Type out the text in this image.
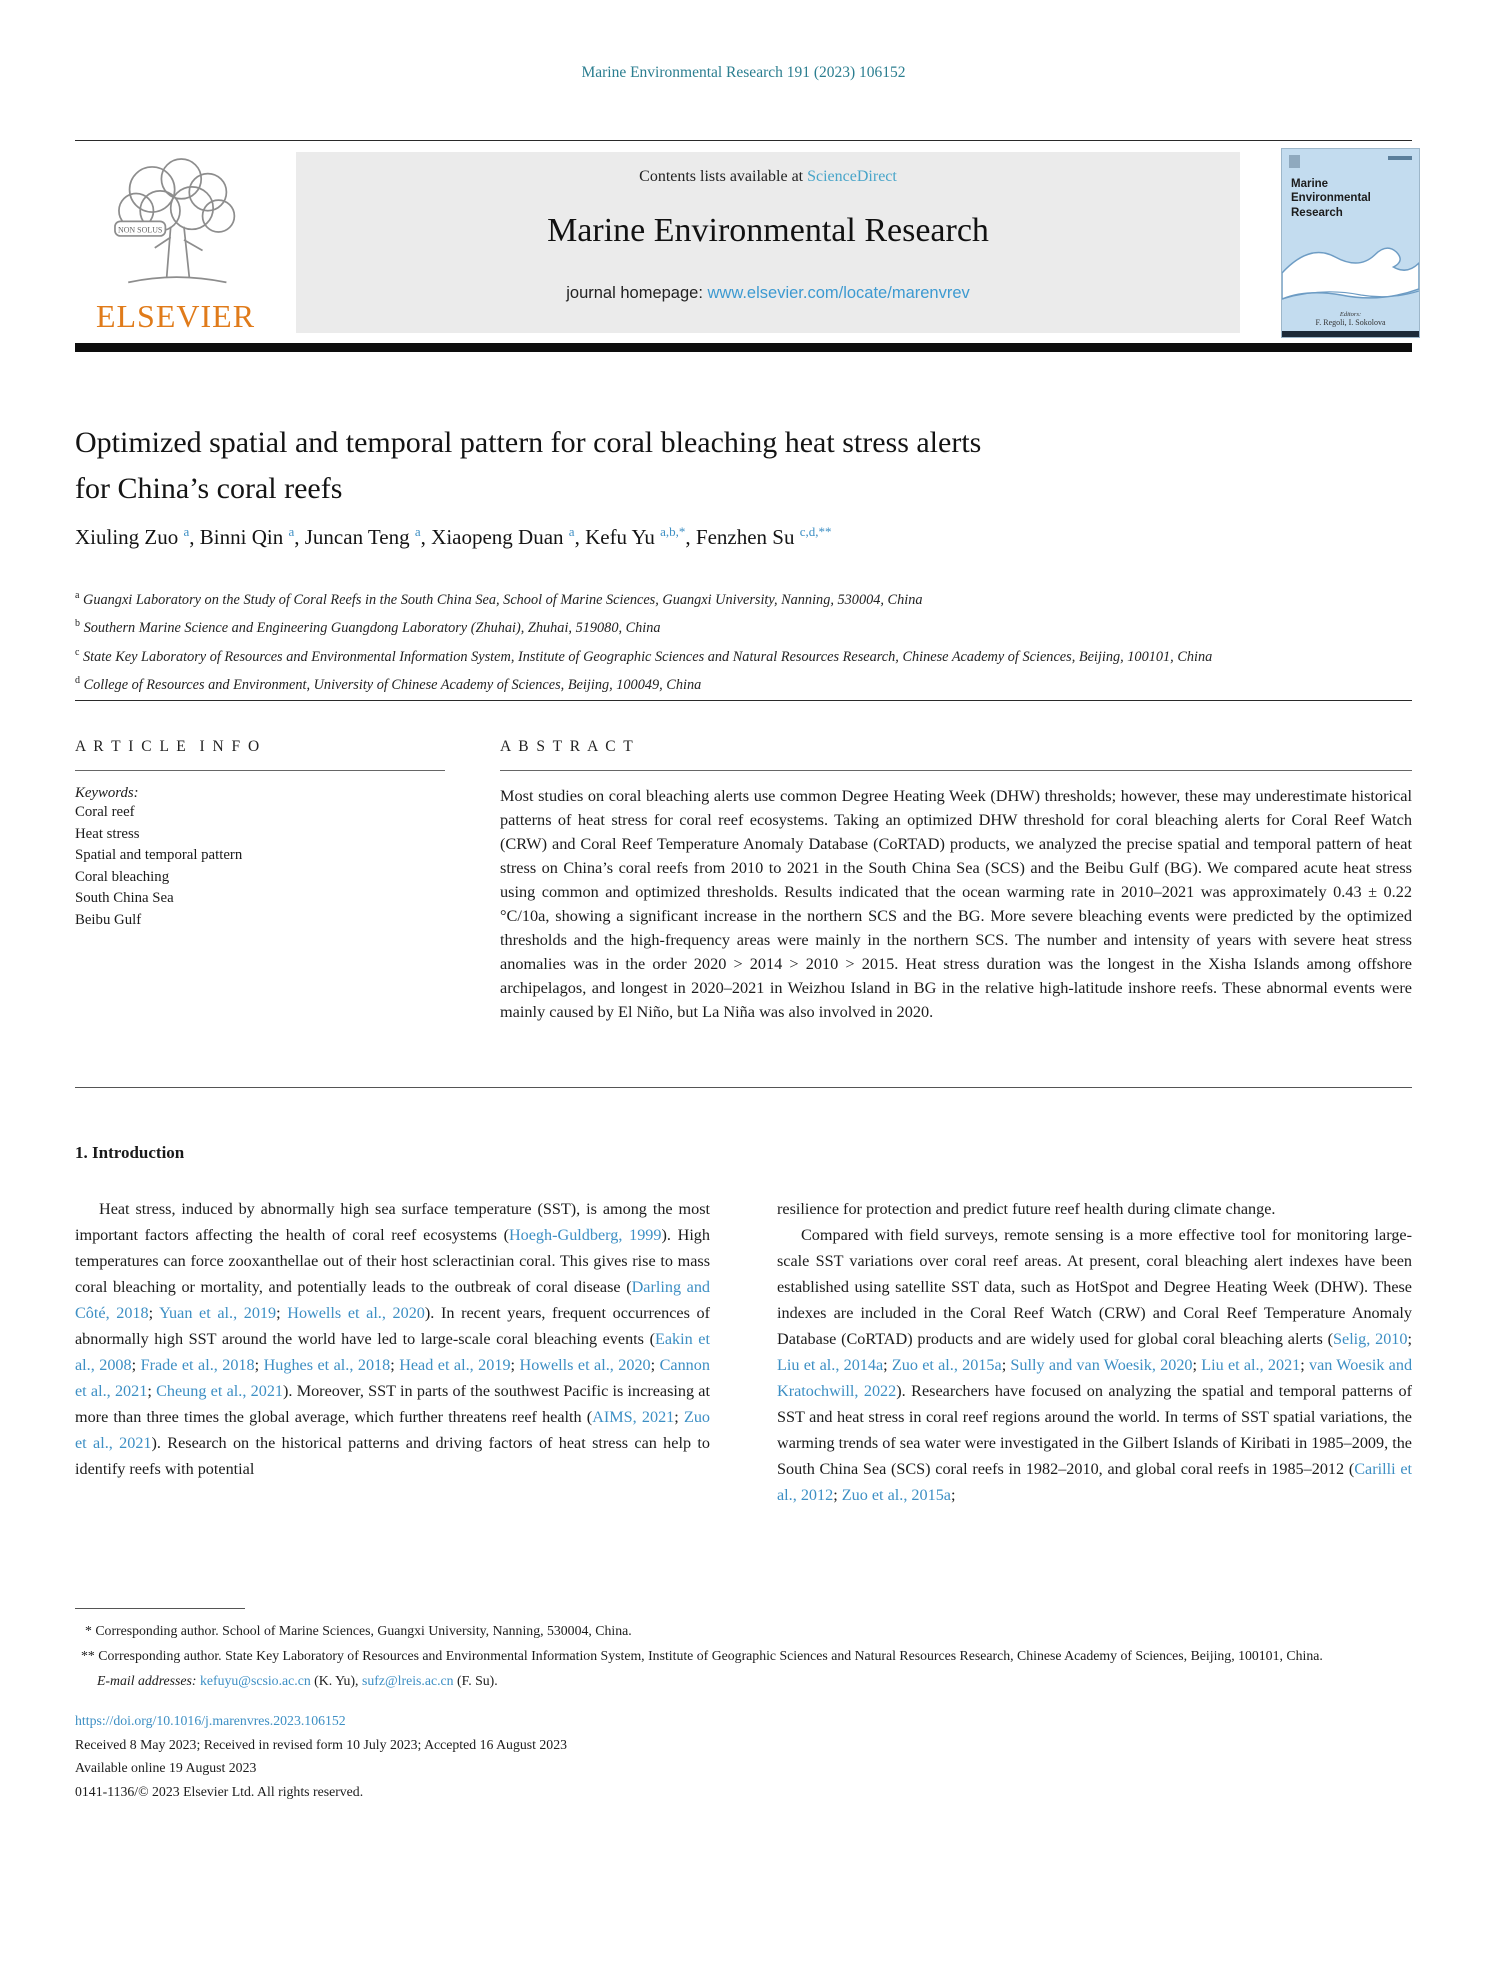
Marine Environmental Research 191 (2023) 106152
NON SOLUS
ELSEVIER
Contents lists available at ScienceDirect
Marine Environmental Research
journal homepage: www.elsevier.com/locate/marenvrev
Marine
Environmental
Research
Editors:
F. Regoli, I. Sokolova
Optimized spatial and temporal pattern for coral bleaching heat stress alerts
for China’s coral reefs
Xiuling Zuo $^a$, Binni Qin $^a$, Juncan Teng $^a$, Xiaopeng Duan $^a$, Kefu Yu $^{a,b,*}$, Fenzhen Su $^{c,d,**}$
$^a$ Guangxi Laboratory on the Study of Coral Reefs in the South China Sea, School of Marine Sciences, Guangxi University, Nanning, 530004, China
$^b$ Southern Marine Science and Engineering Guangdong Laboratory (Zhuhai), Zhuhai, 519080, China
$^c$ State Key Laboratory of Resources and Environmental Information System, Institute of Geographic Sciences and Natural Resources Research, Chinese Academy of Sciences, Beijing, 100101, China
$^d$ College of Resources and Environment, University of Chinese Academy of Sciences, Beijing, 100049, China
A R T I C L E  I N F O
Keywords:
Coral reef
Heat stress
Spatial and temporal pattern
Coral bleaching
South China Sea
Beibu Gulf
A B S T R A C T
Most studies on coral bleaching alerts use common Degree Heating Week (DHW) thresholds; however, these may underestimate historical patterns of heat stress for coral reef ecosystems. Taking an optimized DHW threshold for coral bleaching alerts for Coral Reef Watch (CRW) and Coral Reef Temperature Anomaly Database (CoRTAD) products, we analyzed the precise spatial and temporal pattern of heat stress on China’s coral reefs from 2010 to 2021 in the South China Sea (SCS) and the Beibu Gulf (BG). We compared acute heat stress using common and optimized thresholds. Results indicated that the ocean warming rate in 2010–2021 was approximately 0.43 ± 0.22 °C/10a, showing a significant increase in the northern SCS and the BG. More severe bleaching events were predicted by the optimized thresholds and the high-frequency areas were mainly in the northern SCS. The number and intensity of years with severe heat stress anomalies was in the order 2020 > 2014 > 2010 > 2015. Heat stress duration was the longest in the Xisha Islands among offshore archipelagos, and longest in 2020–2021 in Weizhou Island in BG in the relative high-latitude inshore reefs. These abnormal events were mainly caused by El Niño, but La Niña was also involved in 2020.
1. Introduction
Heat stress, induced by abnormally high sea surface temperature (SST), is among the most important factors affecting the health of coral reef ecosystems (Hoegh-Guldberg, 1999). High temperatures can force zooxanthellae out of their host scleractinian coral. This gives rise to mass coral bleaching or mortality, and potentially leads to the outbreak of coral disease (Darling and Côté, 2018; Yuan et al., 2019; Howells et al., 2020). In recent years, frequent occurrences of abnormally high SST around the world have led to large-scale coral bleaching events (Eakin et al., 2008; Frade et al., 2018; Hughes et al., 2018; Head et al., 2019; Howells et al., 2020; Cannon et al., 2021; Cheung et al., 2021). Moreover, SST in parts of the southwest Pacific is increasing at more than three times the global average, which further threatens reef health (AIMS, 2021; Zuo et al., 2021). Research on the historical patterns and driving factors of heat stress can help to identify reefs with potential
resilience for protection and predict future reef health during climate change.
Compared with field surveys, remote sensing is a more effective tool for monitoring large-scale SST variations over coral reef areas. At present, coral bleaching alert indexes have been established using satellite SST data, such as HotSpot and Degree Heating Week (DHW). These indexes are included in the Coral Reef Watch (CRW) and Coral Reef Temperature Anomaly Database (CoRTAD) products and are widely used for global coral bleaching alerts (Selig, 2010; Liu et al., 2014a; Zuo et al., 2015a; Sully and van Woesik, 2020; Liu et al., 2021; van Woesik and Kratochwill, 2022). Researchers have focused on analyzing the spatial and temporal patterns of SST and heat stress in coral reef regions around the world. In terms of SST spatial variations, the warming trends of sea water were investigated in the Gilbert Islands of Kiribati in 1985–2009, the South China Sea (SCS) coral reefs in 1982–2010, and global coral reefs in 1985–2012 (Carilli et al., 2012; Zuo et al., 2015a;
* Corresponding author. School of Marine Sciences, Guangxi University, Nanning, 530004, China.
** Corresponding author. State Key Laboratory of Resources and Environmental Information System, Institute of Geographic Sciences and Natural Resources Research, Chinese Academy of Sciences, Beijing, 100101, China.
E-mail addresses: kefuyu@scsio.ac.cn (K. Yu), sufz@lreis.ac.cn (F. Su).
https://doi.org/10.1016/j.marenvres.2023.106152
Received 8 May 2023; Received in revised form 10 July 2023; Accepted 16 August 2023
Available online 19 August 2023
0141-1136/© 2023 Elsevier Ltd. All rights reserved.
